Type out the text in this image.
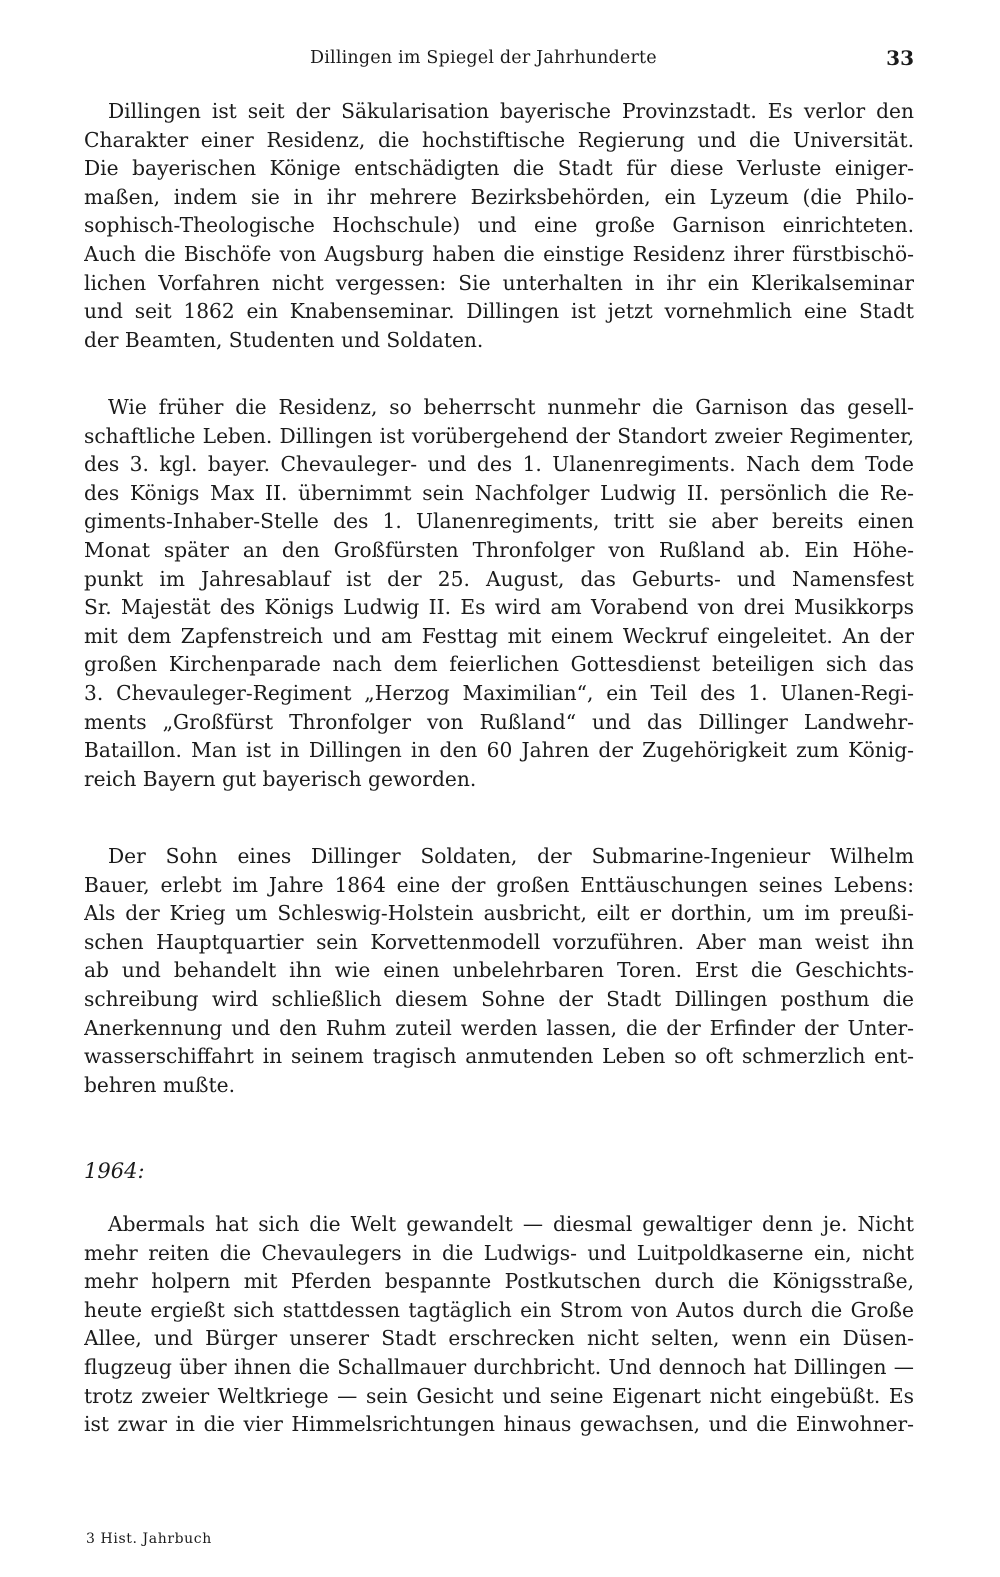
Dillingen im Spiegel der Jahrhunderte	33
Dillingen ist seit der Säkularisation bayerische Provinzstadt. Es verlor den
Charakter einer Residenz, die hochstiftische Regierung und die Universität.
Die bayerischen Könige entschädigten die Stadt für diese Verluste einiger-
maßen, indem sie in ihr mehrere Bezirksbehörden, ein Lyzeum (die Philo-
sophisch-Theologische Hochschule) und eine große Garnison einrichteten.
Auch die Bischöfe von Augsburg haben die einstige Residenz ihrer fürstbischö-
lichen Vorfahren nicht vergessen: Sie unterhalten in ihr ein Klerikalseminar
und seit 1862 ein Knabenseminar. Dillingen ist jetzt vornehmlich eine Stadt
der Beamten, Studenten und Soldaten.
Wie früher die Residenz, so beherrscht nunmehr die Garnison das gesell-
schaftliche Leben. Dillingen ist vorübergehend der Standort zweier Regimenter,
des 3. kgl. bayer. Chevauleger- und des 1. Ulanenregiments. Nach dem Tode
des Königs Max II. übernimmt sein Nachfolger Ludwig II. persönlich die Re-
giments-Inhaber-Stelle des 1. Ulanenregiments, tritt sie aber bereits einen
Monat später an den Großfürsten Thronfolger von Rußland ab. Ein Höhe-
punkt im Jahresablauf ist der 25. August, das Geburts- und Namensfest
Sr. Majestät des Königs Ludwig II. Es wird am Vorabend von drei Musikkorps
mit dem Zapfenstreich und am Festtag mit einem Weckruf eingeleitet. An der
großen Kirchenparade nach dem feierlichen Gottesdienst beteiligen sich das
3. Chevauleger-Regiment „Herzog Maximilian“, ein Teil des 1. Ulanen-Regi-
ments „Großfürst Thronfolger von Rußland“ und das Dillinger Landwehr-
Bataillon. Man ist in Dillingen in den 60 Jahren der Zugehörigkeit zum König-
reich Bayern gut bayerisch geworden.
Der Sohn eines Dillinger Soldaten, der Submarine-Ingenieur Wilhelm
Bauer, erlebt im Jahre 1864 eine der großen Enttäuschungen seines Lebens:
Als der Krieg um Schleswig-Holstein ausbricht, eilt er dorthin, um im preußi-
schen Hauptquartier sein Korvettenmodell vorzuführen. Aber man weist ihn
ab und behandelt ihn wie einen unbelehrbaren Toren. Erst die Geschichts-
schreibung wird schließlich diesem Sohne der Stadt Dillingen posthum die
Anerkennung und den Ruhm zuteil werden lassen, die der Erfinder der Unter-
wasserschiffahrt in seinem tragisch anmutenden Leben so oft schmerzlich ent-
behren mußte.
1964:
Abermals hat sich die Welt gewandelt — diesmal gewaltiger denn je. Nicht
mehr reiten die Chevaulegers in die Ludwigs- und Luitpoldkaserne ein, nicht
mehr holpern mit Pferden bespannte Postkutschen durch die Königsstraße,
heute ergießt sich stattdessen tagtäglich ein Strom von Autos durch die Große
Allee, und Bürger unserer Stadt erschrecken nicht selten, wenn ein Düsen-
flugzeug über ihnen die Schallmauer durchbricht. Und dennoch hat Dillingen —
trotz zweier Weltkriege — sein Gesicht und seine Eigenart nicht eingebüßt. Es
ist zwar in die vier Himmelsrichtungen hinaus gewachsen, und die Einwohner-
3 Hist. Jahrbuch
